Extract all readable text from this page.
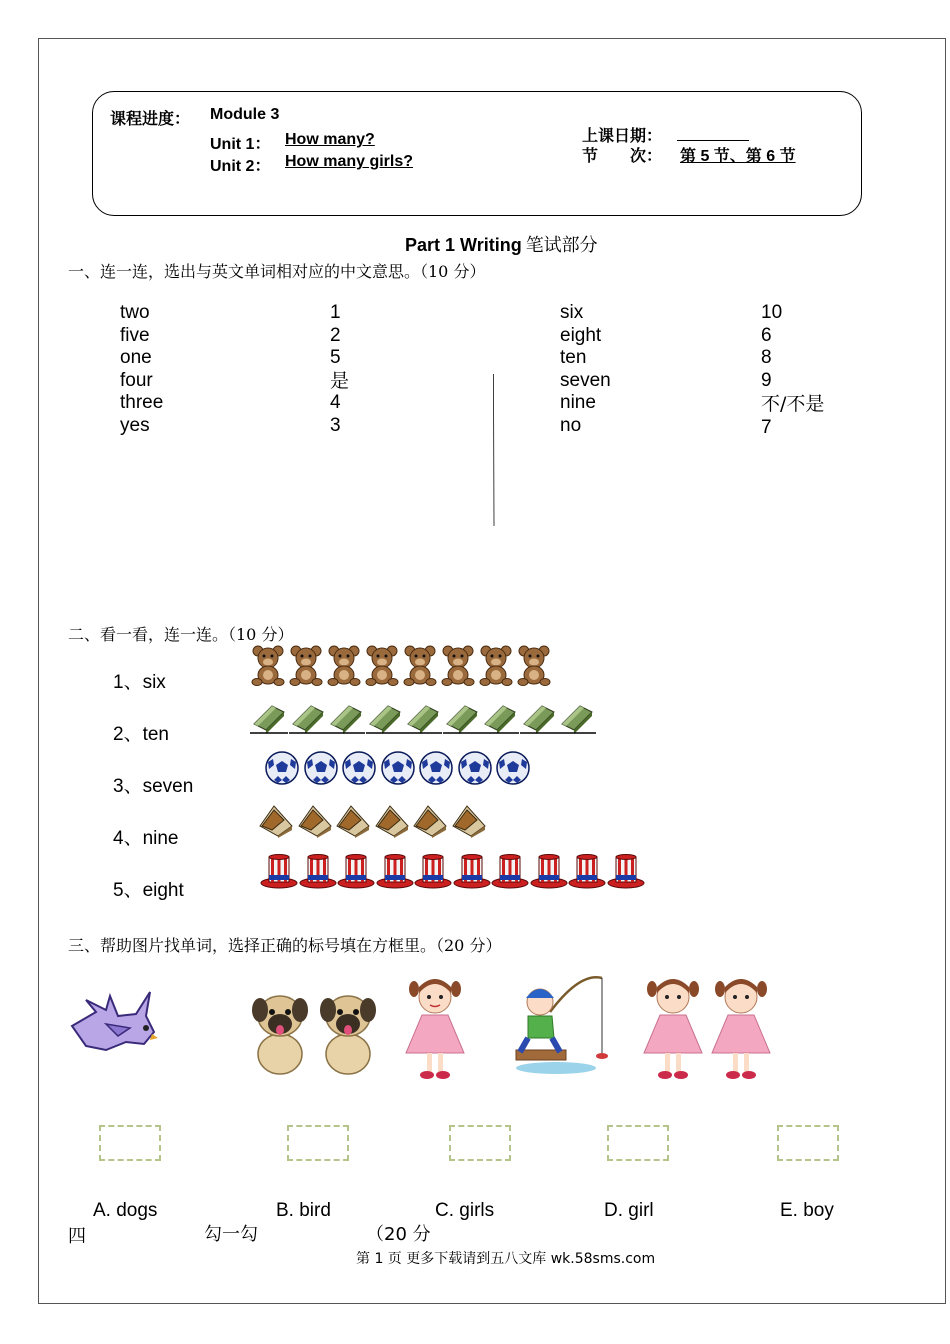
课程进度： Module 3
Unit 1： How many?
Unit 2： How many girls?
上课日期：
节　　次： 第 5 节、第 6 节
Part 1 Writing 笔试部分
一、连一连，选出与英文单词相对应的中文意思。（10 分）
two
five
one
four
three
yes
1
2
5
是
4
3
six
eight
ten
seven
nine
no
10
6
8
9
不/不是
7
二、看一看，连一连。（10 分）
1、six
2、ten
3、seven
4、nine
5、eight
三、帮助图片找单词，选择正确的标号填在方框里。（20 分）
A. dogs	B. bird	C. girls	D. girl	E. boy
四	勾一勾	（20 分
第 1 页 更多下载请到五八文库 wk.58sms.com
